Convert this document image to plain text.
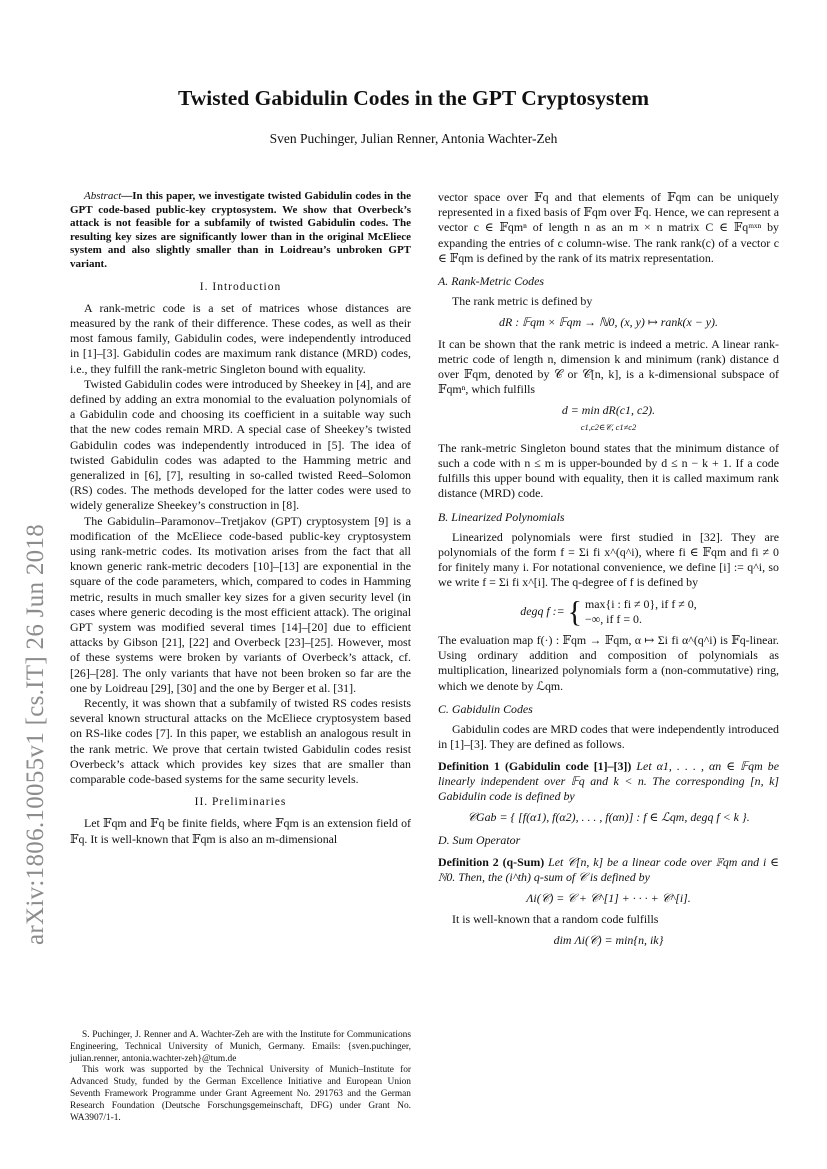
Twisted Gabidulin Codes in the GPT Cryptosystem
Sven Puchinger, Julian Renner, Antonia Wachter-Zeh
arXiv:1806.10055v1 [cs.IT] 26 Jun 2018

Abstract—In this paper, we investigate twisted Gabidulin codes in the GPT code-based public-key cryptosystem. We show that Overbeck’s attack is not feasible for a subfamily of twisted Gabidulin codes. The resulting key sizes are significantly lower than in the original McEliece system and also slightly smaller than in Loidreau’s unbroken GPT variant.

I. Introduction

A rank-metric code is a set of matrices whose distances are measured by the rank of their difference. These codes, as well as their most famous family, Gabidulin codes, were independently introduced in [1]–[3]. Gabidulin codes are maximum rank distance (MRD) codes, i.e., they fulfill the rank-metric Singleton bound with equality.

Twisted Gabidulin codes were introduced by Sheekey in [4], and are defined by adding an extra monomial to the evaluation polynomials of a Gabidulin code and choosing its coefficient in a suitable way such that the new codes remain MRD. A special case of Sheekey’s twisted Gabidulin codes was independently introduced in [5]. The idea of twisted Gabidulin codes was adapted to the Hamming metric and generalized in [6], [7], resulting in so-called twisted Reed–Solomon (RS) codes. The methods developed for the latter codes were used to widely generalize Sheekey’s construction in [8].

The Gabidulin–Paramonov–Tretjakov (GPT) cryptosystem [9] is a modification of the McEliece code-based public-key cryptosystem using rank-metric codes. Its motivation arises from the fact that all known generic rank-metric decoders [10]–[13] are exponential in the square of the code parameters, which, compared to codes in Hamming metric, results in much smaller key sizes for a given security level (in cases where generic decoding is the most efficient attack). The original GPT system was modified several times [14]–[20] due to efficient attacks by Gibson [21], [22] and Overbeck [23]–[25]. However, most of these systems were broken by variants of Overbeck’s attack, cf. [26]–[28]. The only variants that have not been broken so far are the one by Loidreau [29], [30] and the one by Berger et al. [31].

Recently, it was shown that a subfamily of twisted RS codes resists several known structural attacks on the McEliece cryptosystem based on RS-like codes [7]. In this paper, we establish an analogous result in the rank metric. We prove that certain twisted Gabidulin codes resist Overbeck’s attack which provides key sizes that are smaller than comparable code-based systems for the same security levels.

II. Preliminaries

Let 𝔽qm and 𝔽q be finite fields, where 𝔽qm is an extension field of 𝔽q. It is well-known that 𝔽qm is also an m-dimensional

S. Puchinger, J. Renner and A. Wachter-Zeh are with the Institute for Communications Engineering, Technical University of Munich, Germany. Emails: {sven.puchinger, julian.renner, antonia.wachter-zeh}@tum.de

This work was supported by the Technical University of Munich–Institute for Advanced Study, funded by the German Excellence Initiative and European Union Seventh Framework Programme under Grant Agreement No. 291763 and the German Research Foundation (Deutsche Forschungsgemeinschaft, DFG) under Grant No. WA3907/1-1.

vector space over 𝔽q and that elements of 𝔽qm can be uniquely represented in a fixed basis of 𝔽qm over 𝔽q. Hence, we can represent a vector c ∈ 𝔽qmⁿ of length n as an m × n matrix C ∈ 𝔽qᵐˣⁿ by expanding the entries of c column-wise. The rank rank(c) of a vector c ∈ 𝔽qm is defined by the rank of its matrix representation.

A. Rank-Metric Codes

The rank metric is defined by

dR : 𝔽qm × 𝔽qm → ℕ0, (x, y) ↦ rank(x − y).

It can be shown that the rank metric is indeed a metric. A linear rank-metric code of length n, dimension k and minimum (rank) distance d over 𝔽qm, denoted by 𝒞 or 𝒞[n, k], is a k-dimensional subspace of 𝔽qmⁿ, which fulfills

d = min dR(c1, c2).
c1,c2∈𝒞, c1≠c2

The rank-metric Singleton bound states that the minimum distance of such a code with n ≤ m is upper-bounded by d ≤ n − k + 1. If a code fulfills this upper bound with equality, then it is called maximum rank distance (MRD) code.

B. Linearized Polynomials

Linearized polynomials were first studied in [32]. They are polynomials of the form f = Σi fi x^(q^i), where fi ∈ 𝔽qm and fi ≠ 0 for finitely many i. For notational convenience, we define [i] := q^i, so we write f = Σi fi x^[i]. The q-degree of f is defined by

degq f := { max{i : fi ≠ 0}, if f ≠ 0,
−∞, if f = 0.

The evaluation map f(·) : 𝔽qm → 𝔽qm, α ↦ Σi fi α^(q^i) is 𝔽q-linear. Using ordinary addition and composition of polynomials as multiplication, linearized polynomials form a (non-commutative) ring, which we denote by ℒqm.

C. Gabidulin Codes

Gabidulin codes are MRD codes that were independently introduced in [1]–[3]. They are defined as follows.

Definition 1 (Gabidulin code [1]–[3]) Let α1, . . . , αn ∈ 𝔽qm be linearly independent over 𝔽q and k < n. The corresponding [n, k] Gabidulin code is defined by

𝒞Gab = { [f(α1), f(α2), . . . , f(αn)] : f ∈ ℒqm, degq f < k }.
D. Sum Operator

Definition 2 (q-Sum) Let 𝒞[n, k] be a linear code over 𝔽qm and i ∈ ℕ0. Then, the (i^th) q-sum of 𝒞 is defined by

Λi(𝒞) = 𝒞 + 𝒞^[1] + · · · + 𝒞^[i].

It is well-known that a random code fulfills

dim Λi(𝒞) = min{n, ik}
